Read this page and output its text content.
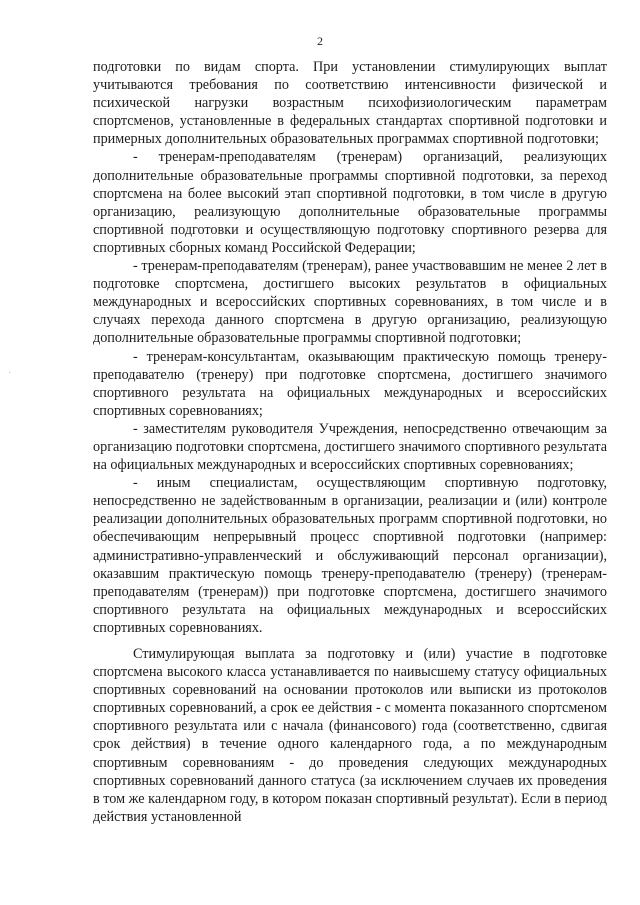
2

подготовки по видам спорта. При установлении стимулирующих выплат учитываются требования по соответствию интенсивности физической и психической нагрузки возрастным психофизиологическим параметрам спортсменов, установленные в федеральных стандартах спортивной подготовки и примерных дополнительных образовательных программах спортивной подготовки;

- тренерам-преподавателям (тренерам) организаций, реализующих дополнительные образовательные программы спортивной подготовки, за переход спортсмена на более высокий этап спортивной подготовки, в том числе в другую организацию, реализующую дополнительные образовательные программы спортивной подготовки и осуществляющую подготовку спортивного резерва для спортивных сборных команд Российской Федерации;

- тренерам-преподавателям (тренерам), ранее участвовавшим не менее 2 лет в подготовке спортсмена, достигшего высоких результатов в официальных международных и всероссийских спортивных соревнованиях, в том числе и в случаях перехода данного спортсмена в другую организацию, реализующую дополнительные образовательные программы спортивной подготовки;

- тренерам-консультантам, оказывающим практическую помощь тренеру-преподавателю (тренеру) при подготовке спортсмена, достигшего значимого спортивного результата на официальных международных и всероссийских спортивных соревнованиях;

- заместителям руководителя Учреждения, непосредственно отвечающим за организацию подготовки спортсмена, достигшего значимого спортивного результата на официальных международных и всероссийских спортивных соревнованиях;

- иным специалистам, осуществляющим спортивную подготовку, непосредственно не задействованным в организации, реализации и (или) контроле реализации дополнительных образовательных программ спортивной подготовки, но обеспечивающим непрерывный процесс спортивной подготовки (например: административно-управленческий и обслуживающий персонал организации), оказавшим практическую помощь тренеру-преподавателю (тренеру) (тренерам-преподавателям (тренерам)) при подготовке спортсмена, достигшего значимого спортивного результата на официальных международных и всероссийских спортивных соревнованиях.

Стимулирующая выплата за подготовку и (или) участие в подготовке спортсмена высокого класса устанавливается по наивысшему статусу официальных спортивных соревнований на основании протоколов или выписки из протоколов спортивных соревнований, а срок ее действия - с момента показанного спортсменом спортивного результата или с начала (финансового) года (соответственно, сдвигая срок действия) в течение одного календарного года, а по международным спортивным соревнованиям - до проведения следующих международных спортивных соревнований данного статуса (за исключением случаев их проведения в том же календарном году, в котором показан спортивный результат). Если в период действия установленной

·
